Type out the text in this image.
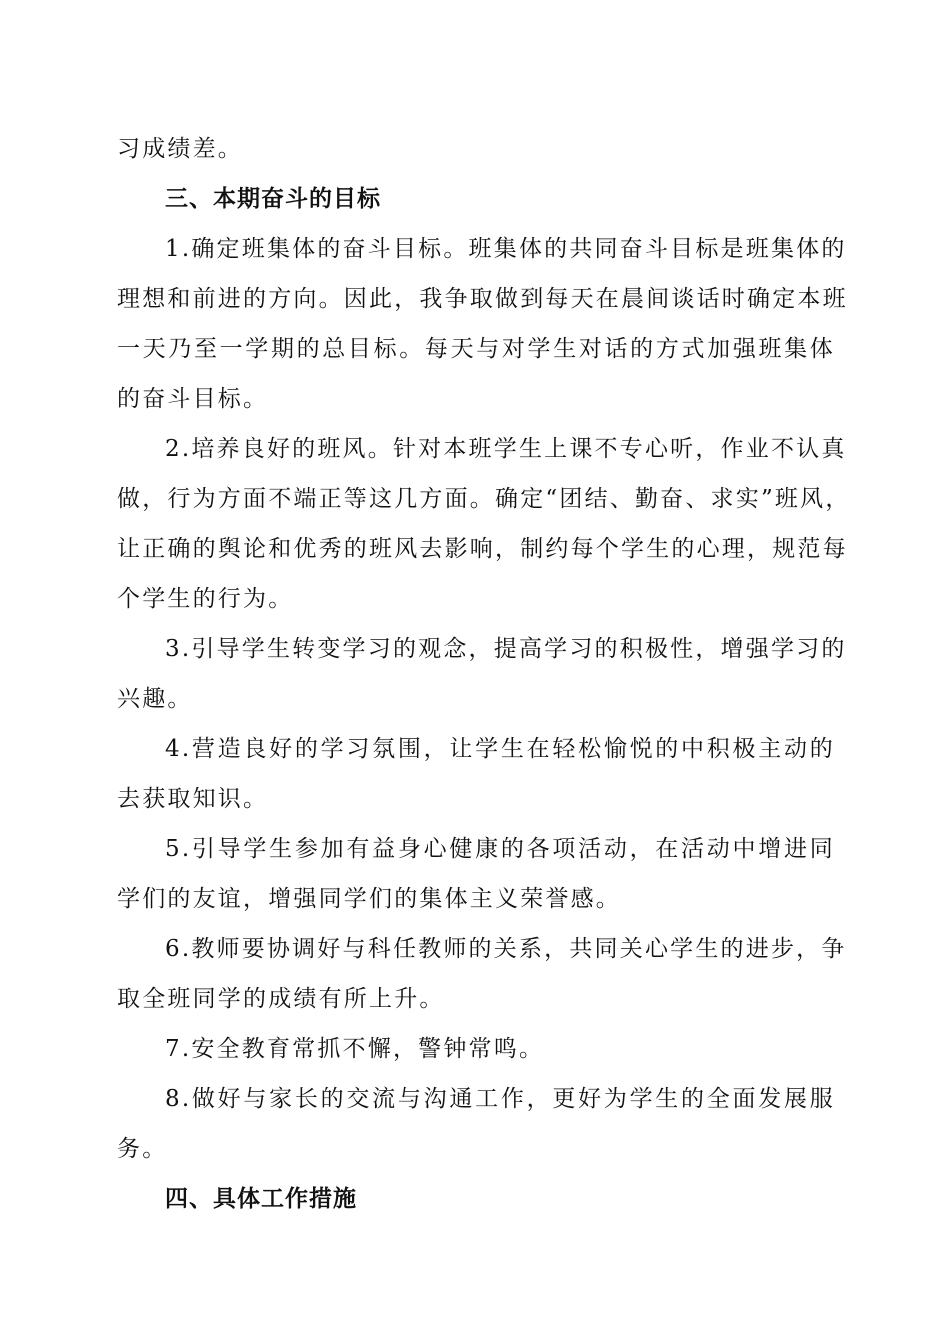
习成绩差。
三、本期奋斗的目标
1.确定班集体的奋斗目标。班集体的共同奋斗目标是班集体的
理想和前进的方向。因此，我争取做到每天在晨间谈话时确定本班
一天乃至一学期的总目标。每天与对学生对话的方式加强班集体
的奋斗目标。
2.培养良好的班风。针对本班学生上课不专心听，作业不认真
做，行为方面不端正等这几方面。确定“团结、勤奋、求实”班风，
让正确的舆论和优秀的班风去影响，制约每个学生的心理，规范每
个学生的行为。
3.引导学生转变学习的观念，提高学习的积极性，增强学习的
兴趣。
4.营造良好的学习氛围，让学生在轻松愉悦的中积极主动的
去获取知识。
5.引导学生参加有益身心健康的各项活动，在活动中增进同
学们的友谊，增强同学们的集体主义荣誉感。
6.教师要协调好与科任教师的关系，共同关心学生的进步，争
取全班同学的成绩有所上升。
7.安全教育常抓不懈，警钟常鸣。
8.做好与家长的交流与沟通工作，更好为学生的全面发展服
务。
四、具体工作措施
